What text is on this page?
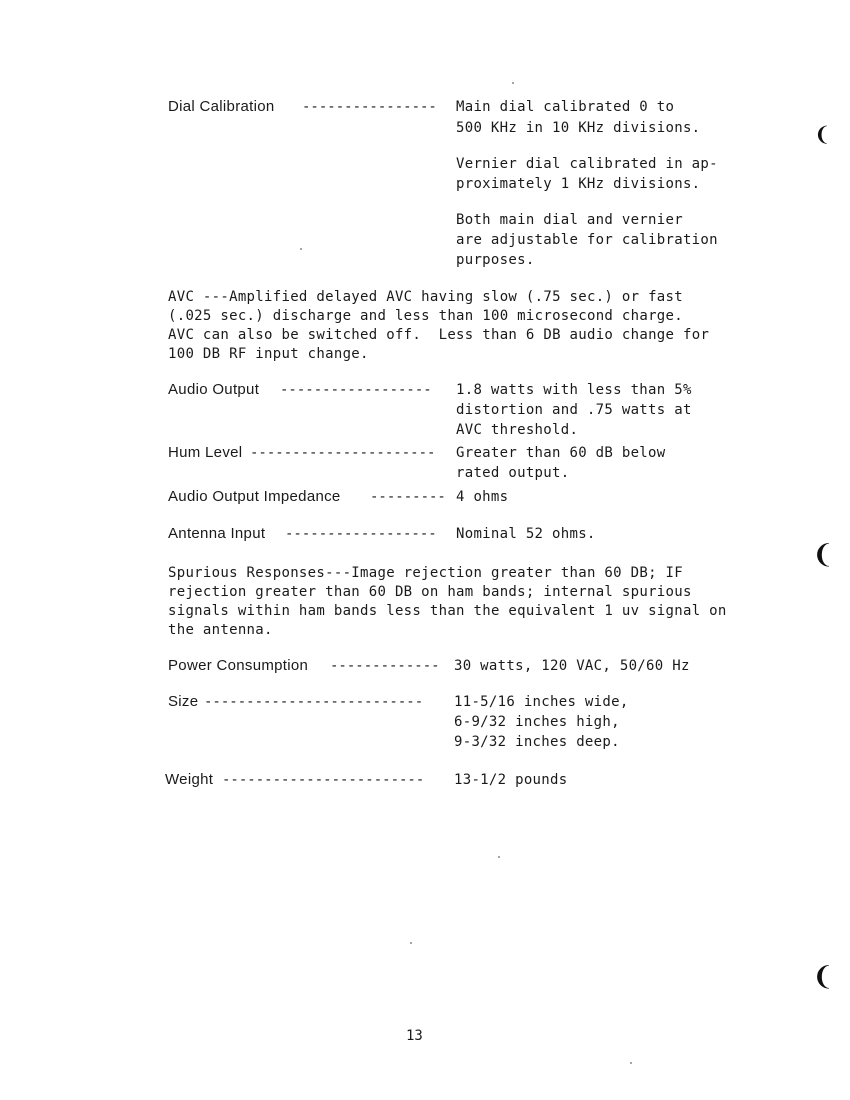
Dial Calibration ---------------- Main dial calibrated 0 to
500 KHz in 10 KHz divisions.
Vernier dial calibrated in ap-
proximately 1 KHz divisions.
Both main dial and vernier
are adjustable for calibration
purposes.
AVC ---Amplified delayed AVC having slow (.75 sec.) or fast
(.025 sec.) discharge and less than 100 microsecond charge.
AVC can also be switched off.  Less than 6 DB audio change for
100 DB RF input change.
Audio Output ------------------ 1.8 watts with less than 5%
distortion and .75 watts at
AVC threshold.
Hum Level ---------------------- Greater than 60 dB below
rated output.
Audio Output Impedance --------- 4 ohms
Antenna Input ------------------ Nominal 52 ohms.
Spurious Responses---Image rejection greater than 60 DB; IF
rejection greater than 60 DB on ham bands; internal spurious
signals within ham bands less than the equivalent 1 uv signal on
the antenna.
Power Consumption ------------- 30 watts, 120 VAC, 50/60 Hz
Size -------------------------- 11-5/16 inches wide,
6-9/32 inches high,
9-3/32 inches deep.
Weight ------------------------ 13-1/2 pounds
13
❨
❨
❨
